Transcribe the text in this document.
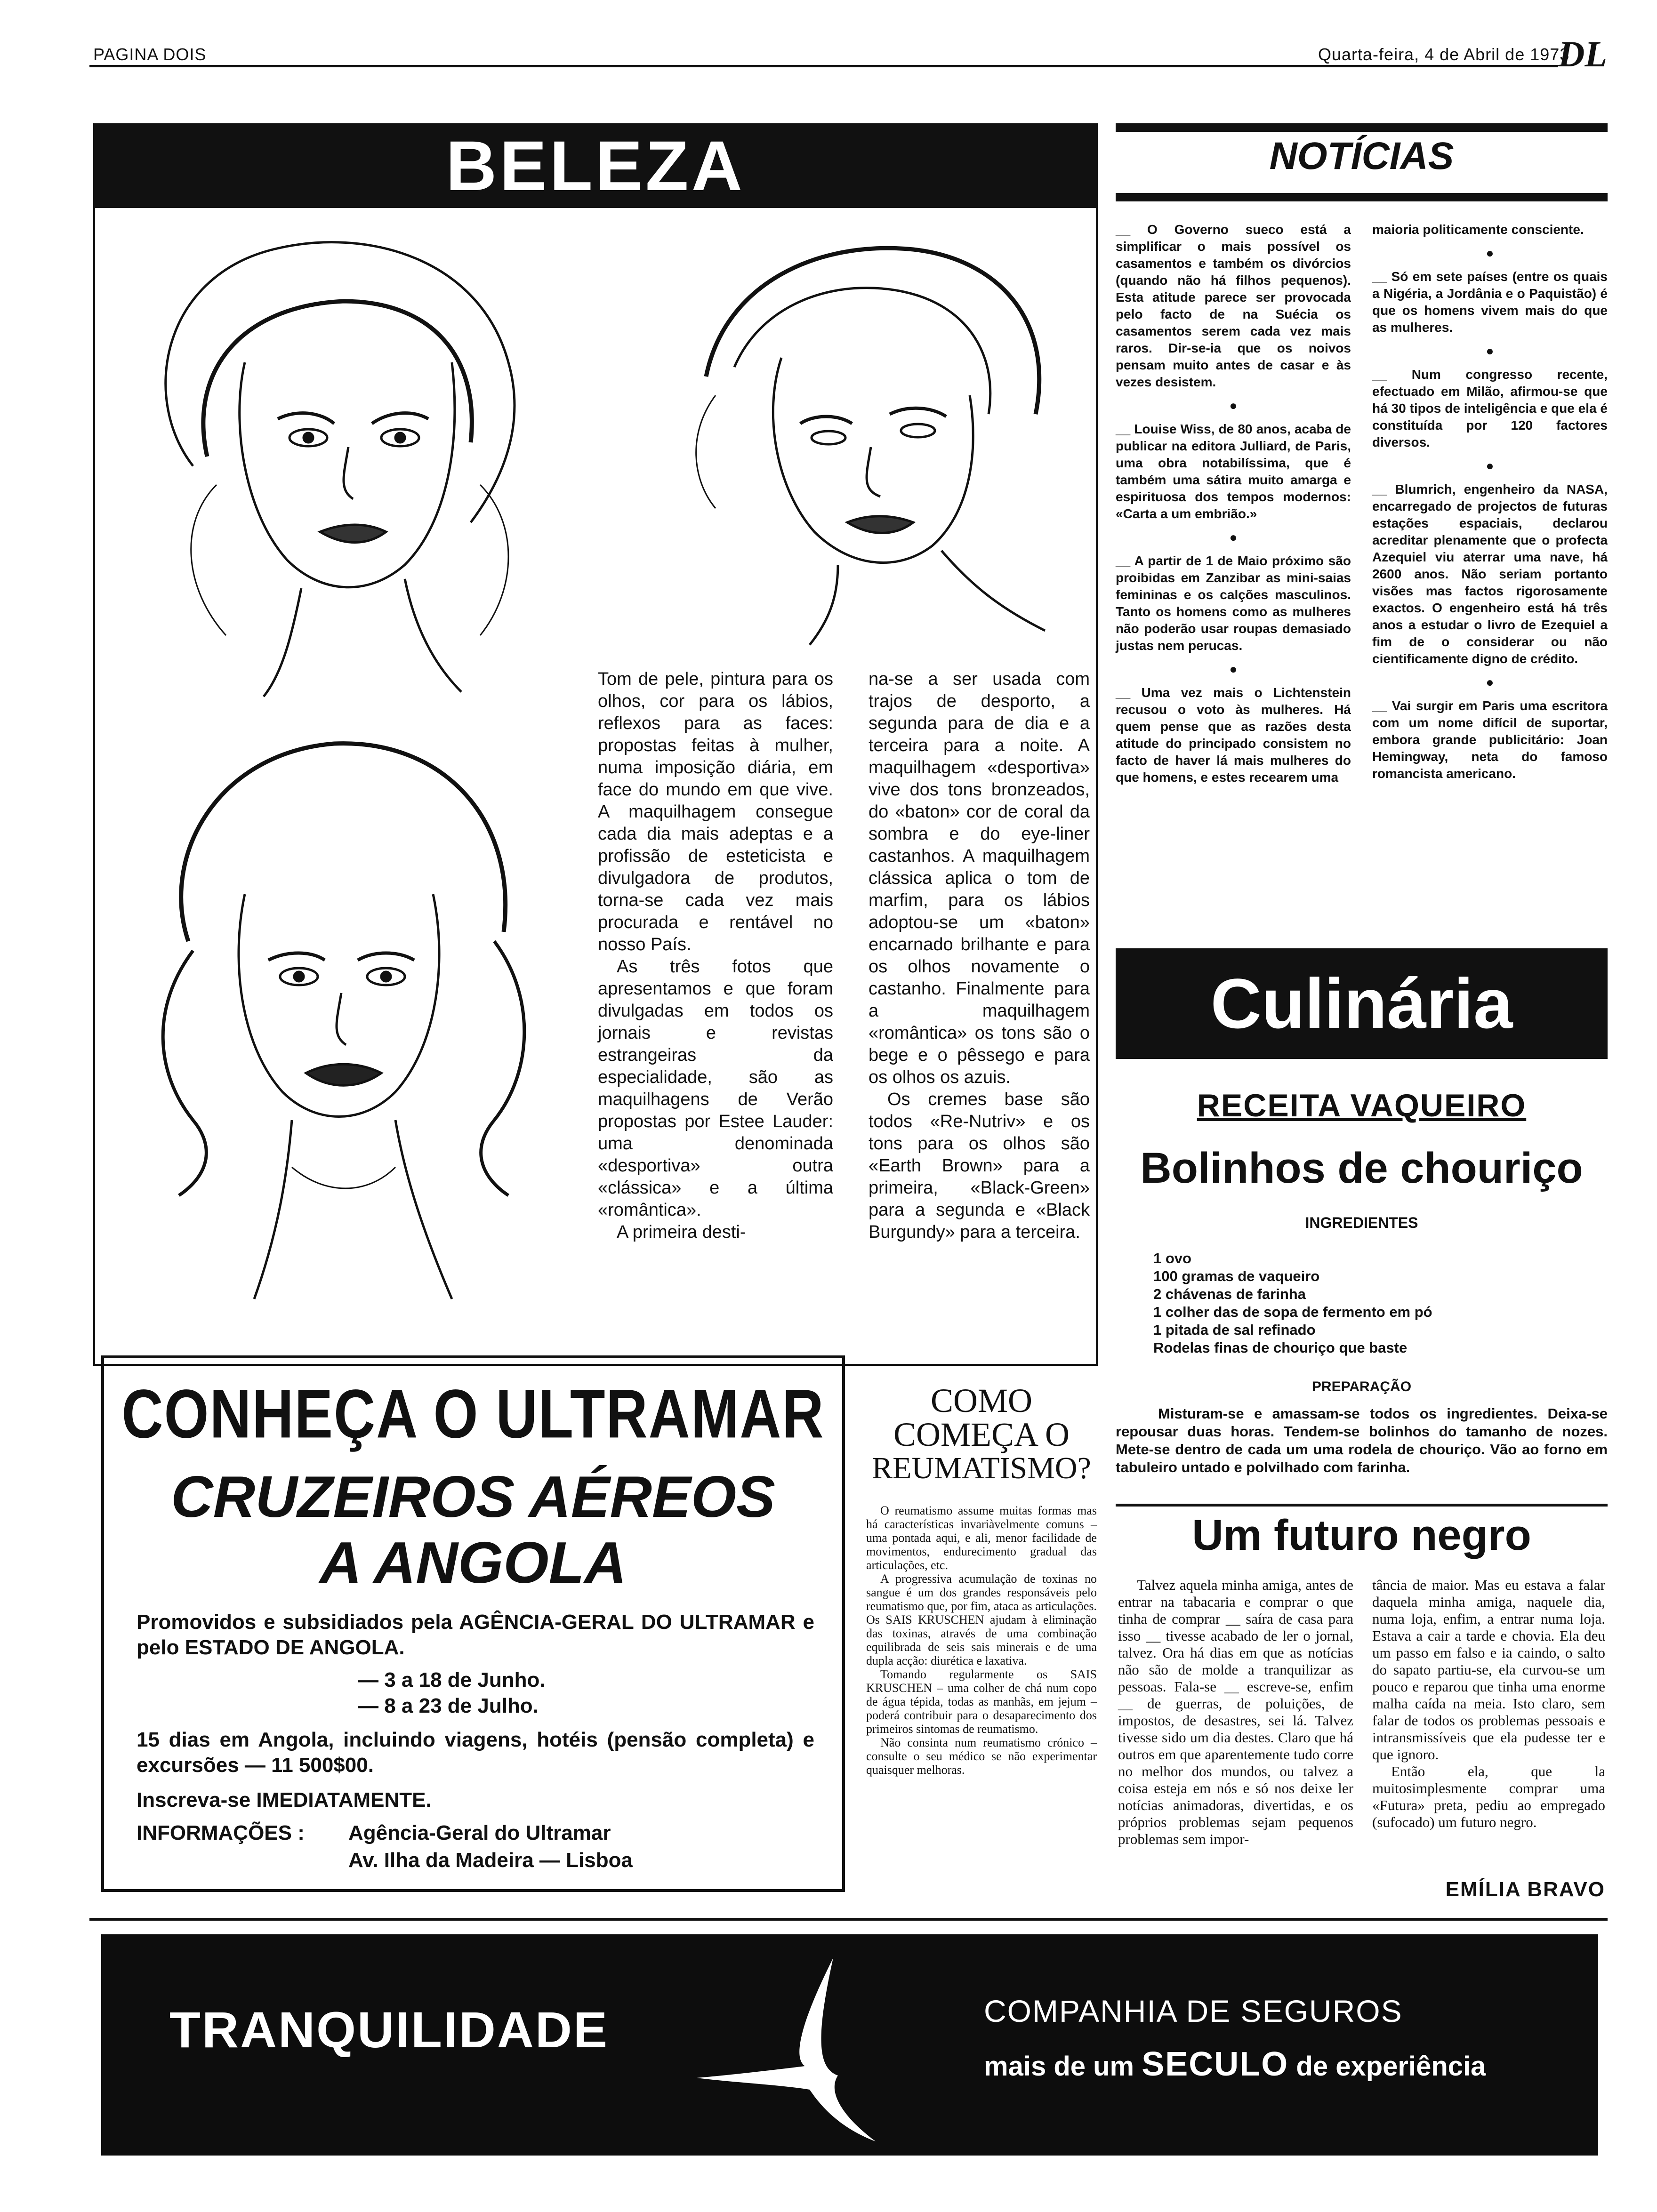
PAGINA DOIS	Quarta-feira, 4 de Abril de 1973
DL
BELEZA

Tom de pele, pintura para os olhos, cor para os lábios, reflexos para as faces: propostas feitas à mulher, numa imposição diária, em face do mundo em que vive. A maquilhagem consegue cada dia mais adeptas e a profissão de esteticista e divulgadora de produtos, torna-se cada vez mais procurada e rentável no nosso País.

As três fotos que apresentamos e que foram divulgadas em todos os jornais e revistas estrangeiras da especialidade, são as maquilhagens de Verão propostas por Estee Lauder: uma denominada «desportiva» outra «clássica» e a última «romântica».

A primeira desti-

na-se a ser usada com trajos de desporto, a segunda para de dia e a terceira para a noite. A maquilhagem «desportiva» vive dos tons bronzeados, do «baton» cor de coral da sombra e do eye-liner castanhos. A maquilhagem clássica aplica o tom de marfim, para os lábios adoptou-se um «baton» encarnado brilhante e para os olhos novamente o castanho. Finalmente para a maquilhagem «romântica» os tons são o bege e o pêssego e para os olhos os azuis.

Os cremes base são todos «Re-Nutriv» e os tons para os olhos são «Earth Brown» para a primeira, «Black-Green» para a segunda e «Black Burgundy» para a terceira.

NOTÍCIAS

__ O Governo sueco está a simplificar o mais possível os casamentos e também os divórcios (quando não há filhos pequenos). Esta atitude parece ser provocada pelo facto de na Suécia os casamentos serem cada vez mais raros. Dir-se-ia que os noivos pensam muito antes de casar e às vezes desistem.

●

__ Louise Wiss, de 80 anos, acaba de publicar na editora Julliard, de Paris, uma obra notabilíssima, que é também uma sátira muito amarga e espirituosa dos tempos modernos: «Carta a um embrião.»

●

__ A partir de 1 de Maio próximo são proibidas em Zanzibar as mini-saias femininas e os calções masculinos. Tanto os homens como as mulheres não poderão usar roupas demasiado justas nem perucas.

●

__ Uma vez mais o Lichtenstein recusou o voto às mulheres. Há quem pense que as razões desta atitude do principado consistem no facto de haver lá mais mulheres do que homens, e estes recearem uma

maioria politicamente consciente.

●

__ Só em sete países (entre os quais a Nigéria, a Jordânia e o Paquistão) é que os homens vivem mais do que as mulheres.

●

__ Num congresso recente, efectuado em Milão, afirmou-se que há 30 tipos de inteligência e que ela é constituída por 120 factores diversos.

●

__ Blumrich, engenheiro da NASA, encarregado de projectos de futuras estações espaciais, declarou acreditar plenamente que o profecta Azequiel viu aterrar uma nave, há 2600 anos. Não seriam portanto visões mas factos rigorosamente exactos. O engenheiro está há três anos a estudar o livro de Ezequiel a fim de o considerar ou não cientificamente digno de crédito.

●

__ Vai surgir em Paris uma escritora com um nome difícil de suportar, embora grande publicitário: Joan Hemingway, neta do famoso romancista americano.

Culinária
RECEITA VAQUEIRO
Bolinhos de chouriço
INGREDIENTES
1 ovo
100 gramas de vaqueiro
2 chávenas de farinha
1 colher das de sopa de fermento em pó
1 pitada de sal refinado
Rodelas finas de chouriço que baste
PREPARAÇÃO
Misturam-se e amassam-se todos os ingredientes. Deixa-se repousar duas horas. Tendem-se bolinhos do tamanho de nozes. Mete-se dentro de cada um uma rodela de chouriço. Vão ao forno em tabuleiro untado e polvilhado com farinha.
Um futuro negro
Talvez aquela minha amiga, antes de entrar na tabacaria e comprar o que tinha de comprar __ saíra de casa para isso __ tivesse acabado de ler o jornal, talvez. Ora há dias em que as notícias não são de molde a tranquilizar as pessoas. Fala-se __ escreve-se, enfim __ de guerras, de poluições, de impostos, de desastres, sei lá. Talvez tivesse sido um dia destes. Claro que há outros em que aparentemente tudo corre no melhor dos mundos, ou talvez a coisa esteja em nós e só nos deixe ler notícias animadoras, divertidas, e os próprios problemas sejam pequenos problemas sem impor-
tância de maior. Mas eu estava a falar daquela minha amiga, naquele dia, numa loja, enfim, a entrar numa loja. Estava a cair a tarde e chovia. Ela deu um passo em falso e ia caindo, o salto do sapato partiu-se, ela curvou-se um pouco e reparou que tinha uma enorme malha caída na meia. Isto claro, sem falar de todos os problemas pessoais e intransmissíveis que ela pudesse ter e que ignoro.
Então ela, que la muitosimplesmente comprar uma «Futura» preta, pediu ao empregado (sufocado) um futuro negro.
EMÍLIA BRAVO
CONHEÇA O ULTRAMAR
CRUZEIROS AÉREOS
A ANGOLA
Promovidos e subsidiados pela AGÊNCIA-GERAL DO ULTRAMAR e pelo ESTADO DE ANGOLA.
— 3 a 18 de Junho.
— 8 a 23 de Julho.
15 dias em Angola, incluindo viagens, hotéis (pensão completa) e excursões — 11 500$00.
Inscreva-se IMEDIATAMENTE.
INFORMAÇÕES : Agência-Geral do Ultramar
Av. Ilha da Madeira — Lisboa
COMO
COMEÇA O
REUMATISMO?
O reumatismo assume muitas formas mas há características invariàvelmente comuns – uma pontada aqui, e ali, menor facilidade de movimentos, endurecimento gradual das articulações, etc.
A progressiva acumulação de toxinas no sangue é um dos grandes responsáveis pelo reumatismo que, por fim, ataca as articulações. Os SAIS KRUSCHEN ajudam à eliminação das toxinas, através de uma combinação equilibrada de seis sais minerais e de uma dupla acção: diurética e laxativa.
Tomando regularmente os SAIS KRUSCHEN – uma colher de chá num copo de água tépida, todas as manhãs, em jejum – poderá contribuir para o desaparecimento dos primeiros sintomas de reumatismo.
Não consinta num reumatismo crónico – consulte o seu médico se não experimentar quaisquer melhoras.
TRANQUILIDADE	COMPANHIA DE SEGUROS
mais de um SECULO de experiência
